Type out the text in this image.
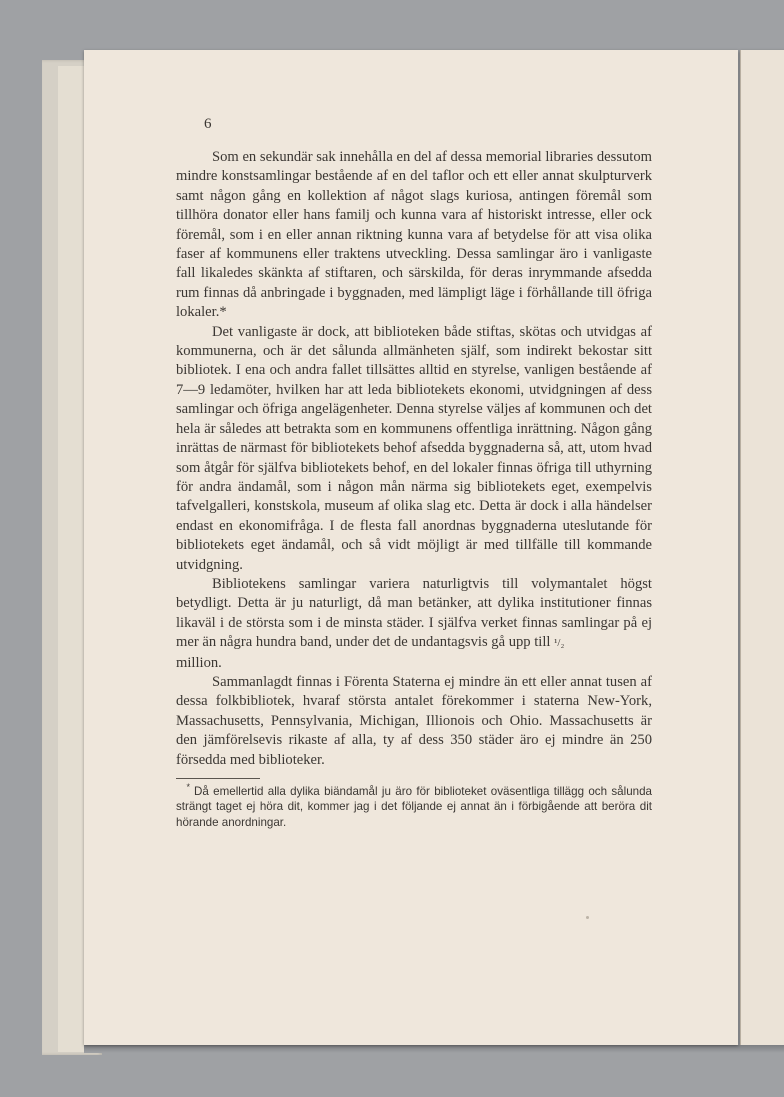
6

Som en sekundär sak innehålla en del af dessa memorial libraries dessutom mindre konstsamlingar bestående af en del taflor och ett eller annat skulpturverk samt någon gång en kollektion af något slags kuriosa, antingen föremål som tillhöra donator eller hans familj och kunna vara af historiskt intresse, eller ock föremål, som i en eller annan riktning kunna vara af betydelse för att visa olika faser af kommunens eller traktens utveckling. Dessa samlingar äro i vanligaste fall likaledes skänkta af stiftaren, och särskilda, för deras inrymmande afsedda rum finnas då anbringade i byggnaden, med lämpligt läge i förhållande till öfriga lokaler.*

Det vanligaste är dock, att biblioteken både stiftas, skötas och utvidgas af kommunerna, och är det sålunda allmänheten själf, som indirekt bekostar sitt bibliotek. I ena och andra fallet tillsättes alltid en styrelse, vanligen bestående af 7—9 ledamöter, hvilken har att leda bibliotekets ekonomi, utvidgningen af dess samlingar och öfriga angelägenheter. Denna styrelse väljes af kommunen och det hela är således att betrakta som en kommunens offentliga inrättning. Någon gång inrättas de närmast för bibliotekets behof afsedda byggnaderna så, att, utom hvad som åtgår för själfva bibliotekets behof, en del lokaler finnas öfriga till uthyrning för andra ändamål, som i någon mån närma sig bibliotekets eget, exempelvis tafvelgalleri, konstskola, museum af olika slag etc. Detta är dock i alla händelser endast en ekonomifråga. I de flesta fall anordnas byggnaderna uteslutande för bibliotekets eget ändamål, och så vidt möjligt är med tillfälle till kommande utvidgning.

Bibliotekens samlingar variera naturligtvis till volymantalet högst betydligt. Detta är ju naturligt, då man betänker, att dylika institutioner finnas likaväl i de största som i de minsta städer. I själfva verket finnas samlingar på ej mer än några hundra band, under det de undantagsvis gå upp till ¹/₂

million.

Sammanlagdt finnas i Förenta Staterna ej mindre än ett eller annat tusen af dessa folkbibliotek, hvaraf största antalet förekommer i staterna New-York, Massachusetts, Pennsylvania, Michigan, Illionois och Ohio. Massachusetts är den jämförelsevis rikaste af alla, ty af dess 350 städer äro ej mindre än 250 försedda med biblioteker.

* Då emellertid alla dylika biändamål ju äro för biblioteket oväsentliga tillägg och sålunda strängt taget ej höra dit, kommer jag i det följande ej annat än i förbigående att beröra dit hörande anordningar.
